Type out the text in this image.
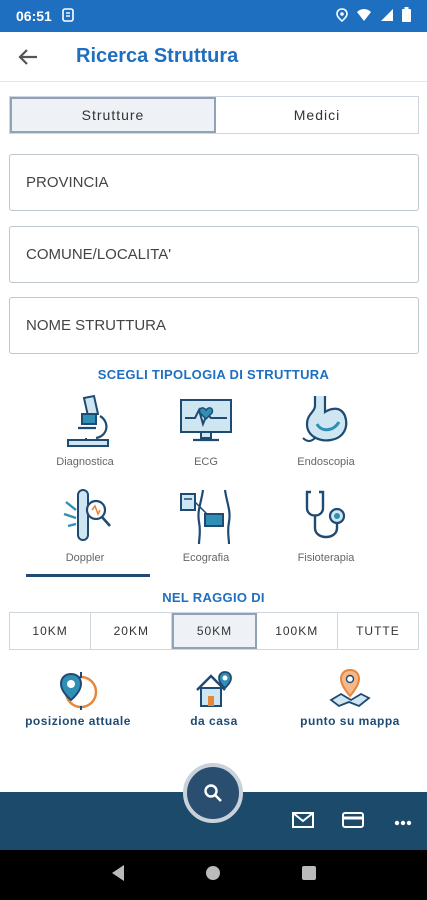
06:51
Ricerca Struttura
Strutture	Medici
PROVINCIA
COMUNE/LOCALITA'
NOME STRUTTURA
SCEGLI TIPOLOGIA DI STRUTTURA
Diagnostica	ECG	Endoscopia
Doppler	Ecografia	Fisioterapia
NEL RAGGIO DI
10KM	20KM	50KM	100KM	TUTTE
posizione attuale	da casa	punto su mappa
